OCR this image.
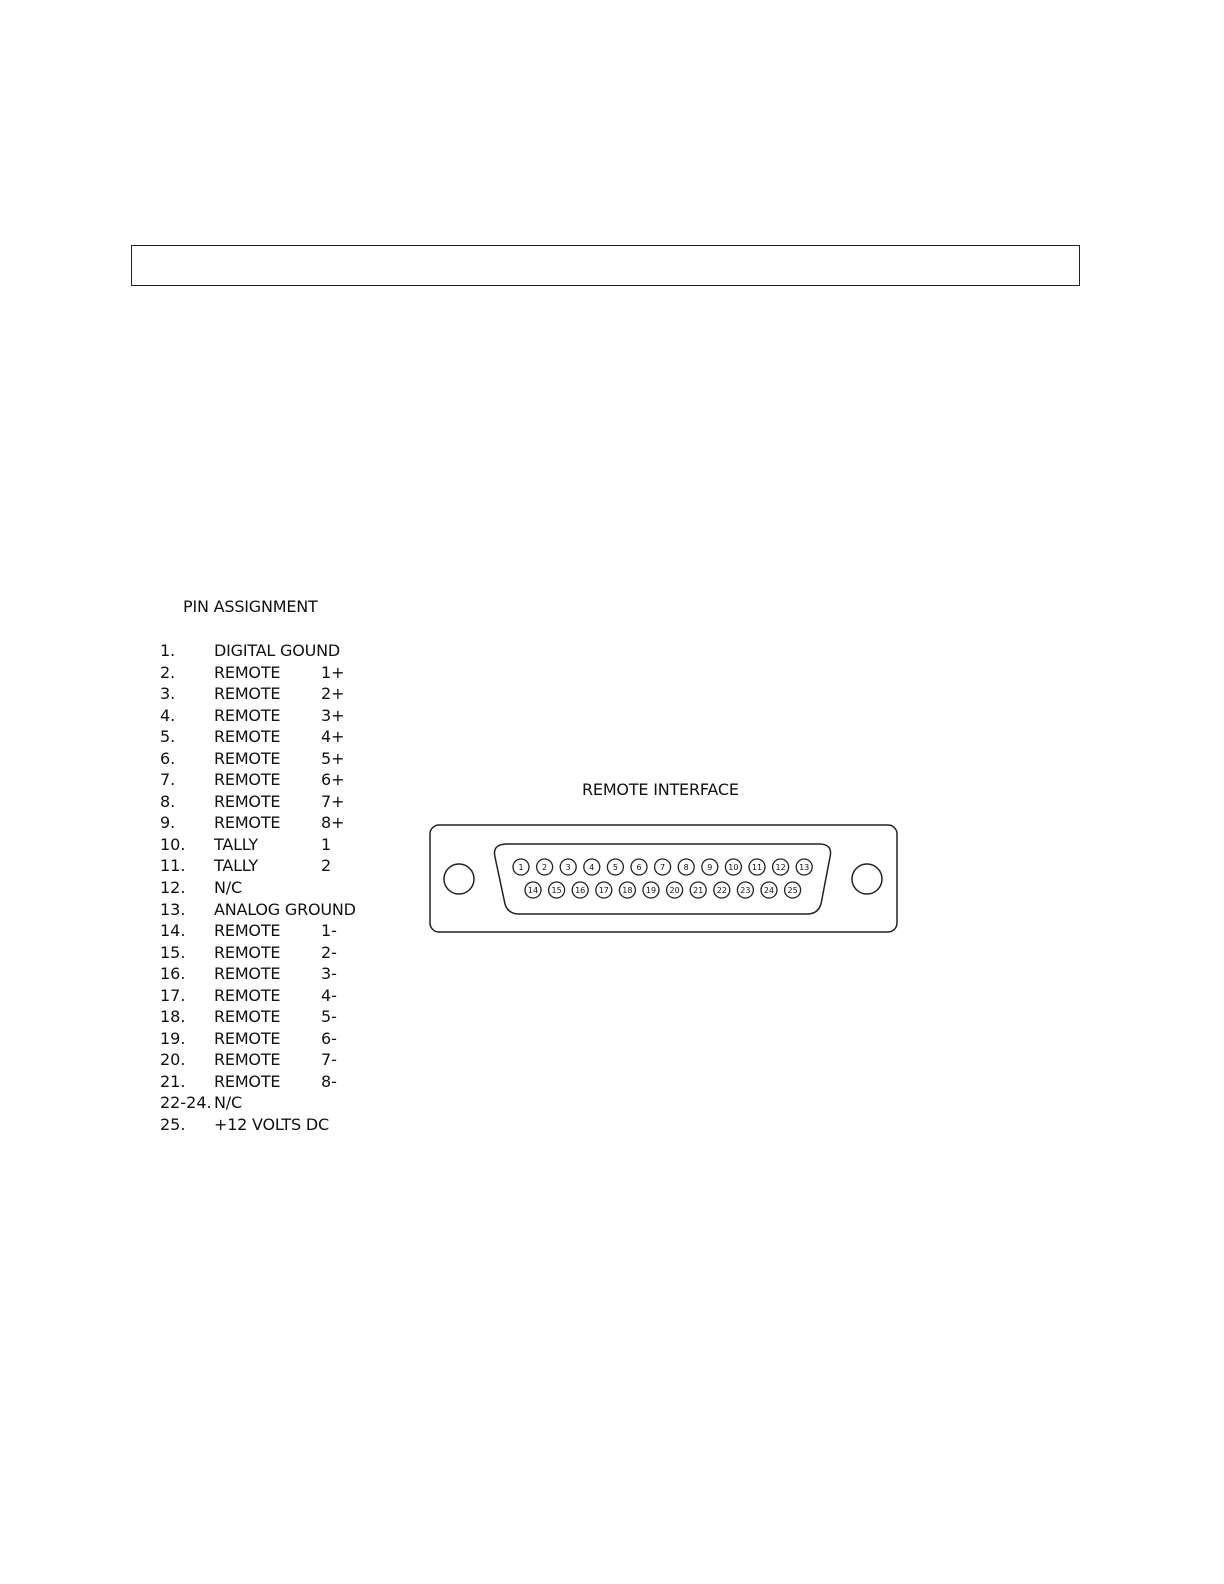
PIN ASSIGNMENT
1. DIGITAL GOUND
2. REMOTE	1+
3. REMOTE	2+
4. REMOTE	3+
5. REMOTE	4+
6. REMOTE	5+
7. REMOTE	6+
8. REMOTE	7+
9. REMOTE	8+
10. TALLY	1
11. TALLY	2
12. N/C
13. ANALOG GROUND
14. REMOTE	1-
15. REMOTE	2-
16. REMOTE	3-
17. REMOTE	4-
18. REMOTE	5-
19. REMOTE	6-
20. REMOTE	7-
21. REMOTE	8-
22-24. N/C
25. +12 VOLTS DC
REMOTE INTERFACE
1 2 3 4 5 6 7 8 9 10 11 12 13
14 15 16 17 18 19 20 21 22 23 24 25
